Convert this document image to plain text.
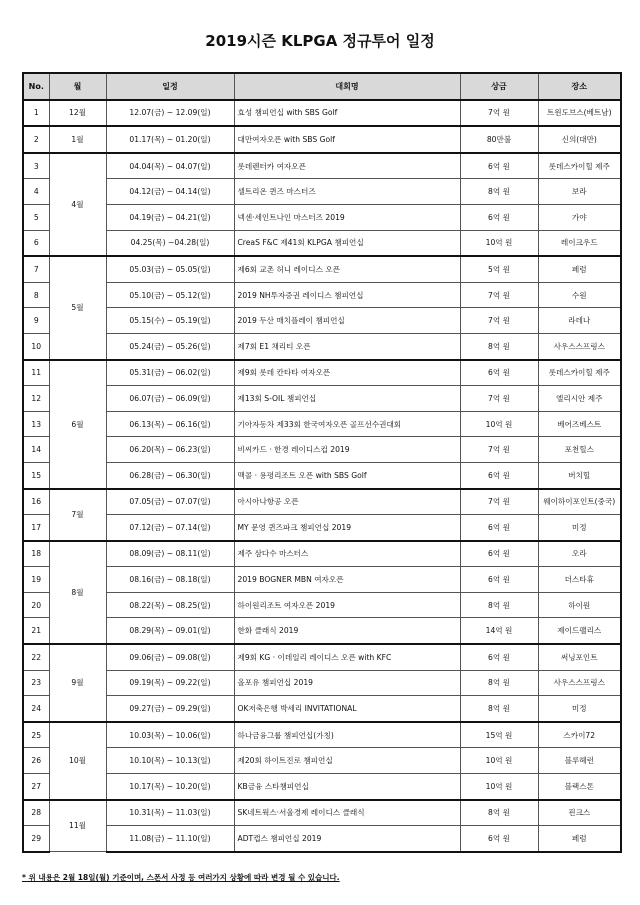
2019시즌 KLPGA 정규투어 일정
No.	월	일정	대회명	상금	장소
1	12월	12.07(금) ~ 12.09(일)	효성 챔피언십 with SBS Golf	7억 원	트윈도브스(베트남)
2	1월	01.17(목) ~ 01.20(일)	대만여자오픈 with SBS Golf	80만불	신의(대만)
3	4월	04.04(목) ~ 04.07(일)	롯데렌터카 여자오픈	6억 원	롯데스카이힐 제주
4		04.12(금) ~ 04.14(일)	셀트리온 퀸즈 마스터즈	8억 원	보라
5		04.19(금) ~ 04.21(일)	넥센·세인트나인 마스터즈 2019	6억 원	가야
6		04.25(목) ~04.28(일)	CreaS F&C 제41회 KLPGA 챔피언십	10억 원	레이크우드
7	5월	05.03(금) ~ 05.05(일)	제6회 교촌 허니 레이디스 오픈	5억 원	페럼
8		05.10(금) ~ 05.12(일)	2019 NH투자증권 레이디스 챔피언십	7억 원	수원
9		05.15(수) ~ 05.19(일)	2019 두산 매치플레이 챔피언십	7억 원	라데나
10		05.24(금) ~ 05.26(일)	제7회 E1 채리티 오픈	8억 원	사우스스프링스
11	6월	05.31(금) ~ 06.02(일)	제9회 롯데 칸타타 여자오픈	6억 원	롯데스카이힐 제주
12		06.07(금) ~ 06.09(일)	제13회 S-OIL 챔피언십	7억 원	엘리시안 제주
13		06.13(목) ~ 06.16(일)	기아자동차 제33회 한국여자오픈 골프선수권대회	10억 원	베어즈베스트
14		06.20(목) ~ 06.23(일)	비씨카드 · 한경 레이디스컵 2019	7억 원	포천힐스
15		06.28(금) ~ 06.30(일)	맥콜 · 용평리조트 오픈 with SBS Golf	6억 원	버치힐
16	7월	07.05(금) ~ 07.07(일)	아시아나항공 오픈	7억 원	웨이하이포인트(중국)
17		07.12(금) ~ 07.14(일)	MY 문영 퀸즈파크 챔피언십 2019	6억 원	미정
18	8월	08.09(금) ~ 08.11(일)	제주 삼다수 마스터스	6억 원	오라
19		08.16(금) ~ 08.18(일)	2019 BOGNER MBN 여자오픈	6억 원	더스타휴
20		08.22(목) ~ 08.25(일)	하이원리조트 여자오픈 2019	8억 원	하이원
21		08.29(목) ~ 09.01(일)	한화 클래식 2019	14억 원	제이드팰리스
22	9월	09.06(금) ~ 09.08(일)	제9회 KG · 이데일리 레이디스 오픈 with KFC	6억 원	써닝포인트
23		09.19(목) ~ 09.22(일)	올포유 챔피언십 2019	8억 원	사우스스프링스
24		09.27(금) ~ 09.29(일)	OK저축은행 박세리 INVITATIONAL	8억 원	미정
25	10월	10.03(목) ~ 10.06(일)	하나금융그룹 챔피언십(가칭)	15억 원	스카이72
26		10.10(목) ~ 10.13(일)	제20회 하이트진로 챔피언십	10억 원	블루헤런
27		10.17(목) ~ 10.20(일)	KB금융 스타챔피언십	10억 원	블랙스톤
28	11월	10.31(목) ~ 11.03(일)	SK네트웍스·서울경제 레이디스 클래식	8억 원	핀크스
29		11.08(금) ~ 11.10(일)	ADT캡스 챔피언십 2019	6억 원	페럼
* 위 내용은 2월 18일(월) 기준이며, 스폰서 사정 등 여러가지 상황에 따라 변경 될 수 있습니다.
